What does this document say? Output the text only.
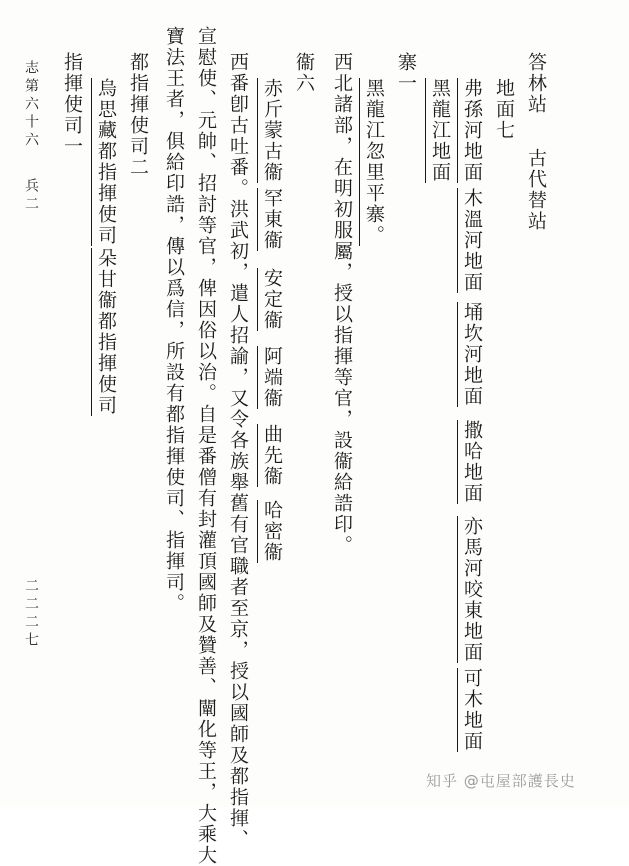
答林站
古代替站
地面七
弗孫河地面
木溫河地面
埇坎河地面
撒哈地面
亦馬河咬東地面
可木地面
黑龍江地面
寨一
黑龍江忽里平寨。
西北諸部，在明初服屬，授以指揮等官，設衞給誥印。
衞六
赤斤蒙古衞
罕東衞
安定衞
阿端衞
曲先衞
哈密衞
西番卽古吐番。洪武初，遣人招諭，又令各族舉舊有官職者至京，授以國師及都指揮、
宣慰使、元帥、招討等官，俾因俗以治。自是番僧有封灌頂國師及贊善、闡化等王，大乘大
寶法王者，俱給印誥，傳以爲信，所設有都指揮使司、指揮司。
都指揮使司二
烏思藏都指揮使司
朵甘衞都指揮使司
指揮使司一
志第六十六
兵二
二二二七
知乎 @屯屋部護長史
